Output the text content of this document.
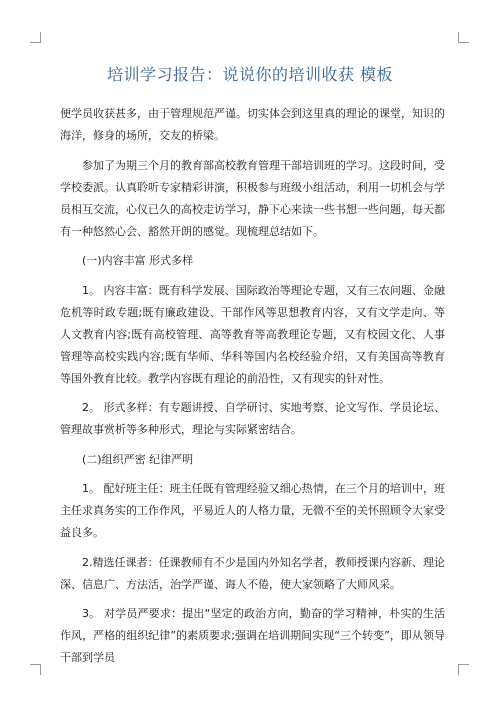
培训学习报告：说说你的培训收获 模板

便学员收获甚多，由于管理规范严谨。切实体会到这里真的理论的课堂，知识的海洋，修身的场所，交友的桥梁。

参加了为期三个月的教育部高校教育管理干部培训班的学习。这段时间，受学校委派。认真聆听专家精彩讲演，积极参与班级小组活动，利用一切机会与学员相互交流，心仪已久的高校走访学习，静下心来读一些书想一些问题，每天都有一种悠然心会、豁然开朗的感觉。现梳理总结如下。

(一)内容丰富 形式多样

1。 内容丰富：既有科学发展、国际政治等理论专题，又有三农问题、金融危机等时政专题;既有廉政建设、干部作风等思想教育内容，又有文学走向、等人文教育内容;既有高校管理、高等教育等高教理论专题，又有校园文化、人事管理等高校实践内容;既有华师、华科等国内名校经验介绍，又有美国高等教育等国外教育比较。教学内容既有理论的前沿性，又有现实的针对性。

2。 形式多样：有专题讲授、自学研讨、实地考察、论文写作、学员论坛、管理故事赏析等多种形式，理论与实际紧密结合。

(二)组织严密 纪律严明

1。 配好班主任：班主任既有管理经验又细心热情，在三个月的培训中，班主任求真务实的工作作风，平易近人的人格力量，无微不至的关怀照顾令大家受益良多。

2.精选任课者：任课教师有不少是国内外知名学者，教师授课内容新、理论深、信息广、方法活，治学严谨、诲人不倦，使大家领略了大师风采。

3。 对学员严要求：提出“坚定的政治方向，勤奋的学习精神，朴实的生活作风，严格的组织纪律”的素质要求;强调在培训期间实现“三个转变”，即从领导干部到学员
